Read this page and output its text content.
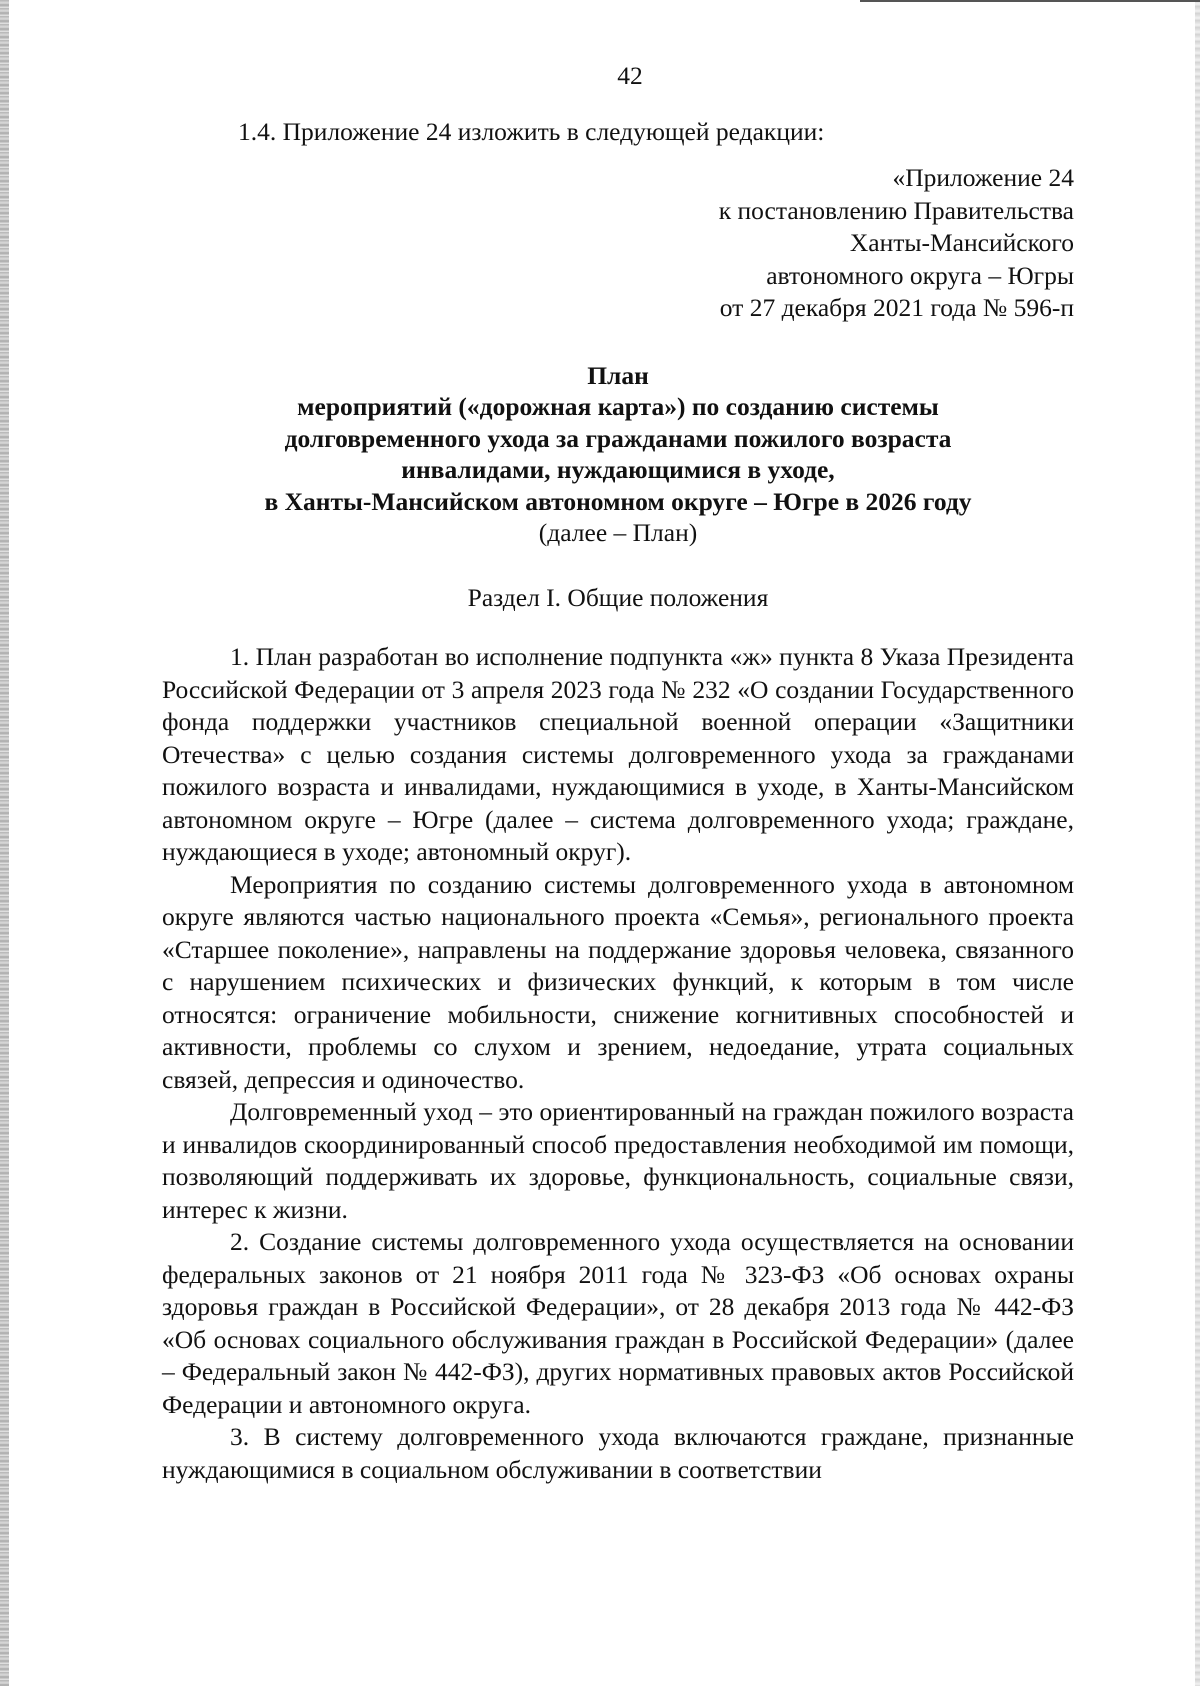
42

1.4. Приложение 24 изложить в следующей редакции:

«Приложение 24
к постановлению Правительства
Ханты-Мансийского
автономного округа – Югры
от 27 декабря 2021 года № 596-п
План
мероприятий («дорожная карта») по созданию системы
долговременного ухода за гражданами пожилого возраста
инвалидами, нуждающимися в уходе,
в Ханты-Мансийском автономном округе – Югре в 2026 году
(далее – План)
Раздел I. Общие положения

1. План разработан во исполнение подпункта «ж» пункта 8 Указа Президента Российской Федерации от 3 апреля 2023 года № 232 «О создании Государственного фонда поддержки участников специальной военной операции «Защитники Отечества» с целью создания системы долговременного ухода за гражданами пожилого возраста и инвалидами, нуждающимися в уходе, в Ханты-Мансийском автономном округе – Югре (далее – система долговременного ухода; граждане, нуждающиеся в уходе; автономный округ).

Мероприятия по созданию системы долговременного ухода в автономном округе являются частью национального проекта «Семья», регионального проекта «Старшее поколение», направлены на поддержание здоровья человека, связанного с нарушением психических и физических функций, к которым в том числе относятся: ограничение мобильности, снижение когнитивных способностей и активности, проблемы со слухом и зрением, недоедание, утрата социальных связей, депрессия и одиночество.

Долговременный уход – это ориентированный на граждан пожилого возраста и инвалидов скоординированный способ предоставления необходимой им помощи, позволяющий поддерживать их здоровье, функциональность, социальные связи, интерес к жизни.

2. Создание системы долговременного ухода осуществляется на основании федеральных законов от 21 ноября 2011 года № 323-ФЗ «Об основах охраны здоровья граждан в Российской Федерации», от 28 декабря 2013 года № 442-ФЗ «Об основах социального обслуживания граждан в Российской Федерации» (далее – Федеральный закон № 442-ФЗ), других нормативных правовых актов Российской Федерации и автономного округа.

3. В систему долговременного ухода включаются граждане, признанные нуждающимися в социальном обслуживании в соответствии
